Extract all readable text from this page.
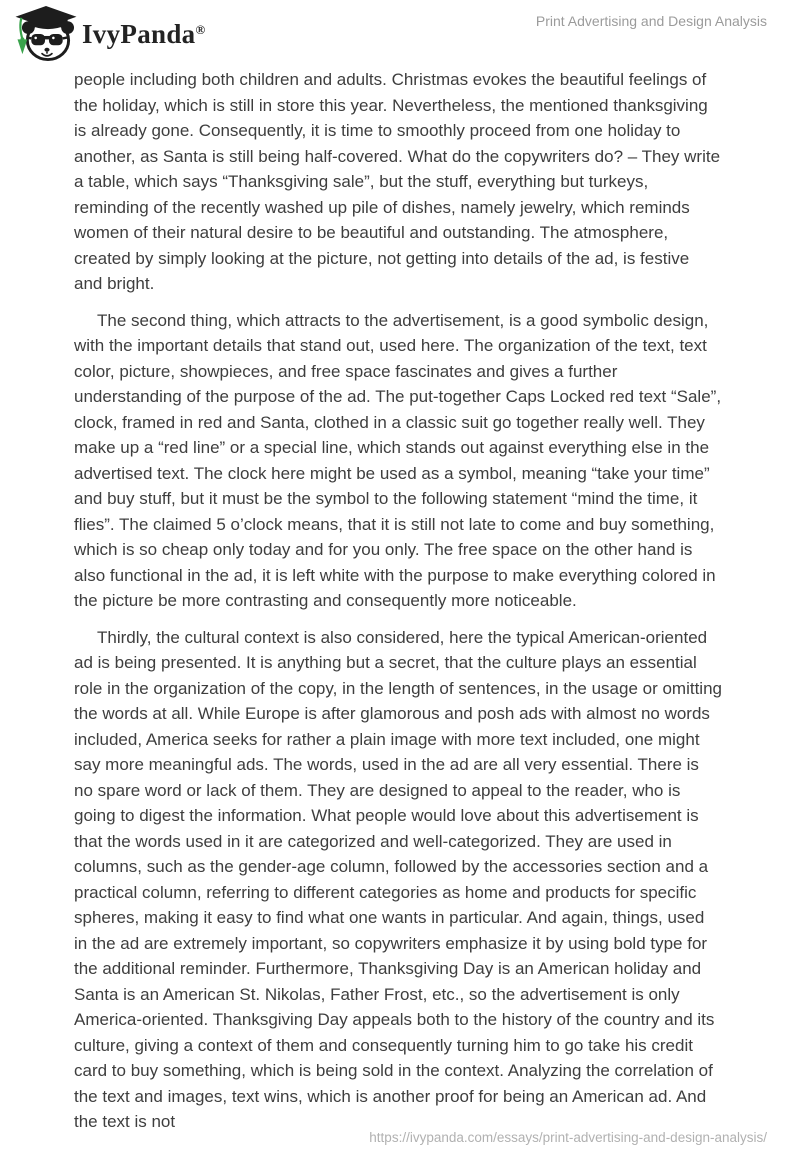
IvyPanda®
Print Advertising and Design Analysis

people including both children and adults. Christmas evokes the beautiful feelings of the holiday, which is still in store this year. Nevertheless, the mentioned thanksgiving is already gone. Consequently, it is time to smoothly proceed from one holiday to another, as Santa is still being half-covered. What do the copywriters do? – They write a table, which says “Thanksgiving sale”, but the stuff, everything but turkeys, reminding of the recently washed up pile of dishes, namely jewelry, which reminds women of their natural desire to be beautiful and outstanding. The atmosphere, created by simply looking at the picture, not getting into details of the ad, is festive and bright.

The second thing, which attracts to the advertisement, is a good symbolic design, with the important details that stand out, used here. The organization of the text, text color, picture, showpieces, and free space fascinates and gives a further understanding of the purpose of the ad. The put-together Caps Locked red text “Sale”, clock, framed in red and Santa, clothed in a classic suit go together really well. They make up a “red line” or a special line, which stands out against everything else in the advertised text. The clock here might be used as a symbol, meaning “take your time” and buy stuff, but it must be the symbol to the following statement “mind the time, it flies”. The claimed 5 o’clock means, that it is still not late to come and buy something, which is so cheap only today and for you only. The free space on the other hand is also functional in the ad, it is left white with the purpose to make everything colored in the picture be more contrasting and consequently more noticeable.

Thirdly, the cultural context is also considered, here the typical American-oriented ad is being presented. It is anything but a secret, that the culture plays an essential role in the organization of the copy, in the length of sentences, in the usage or omitting the words at all. While Europe is after glamorous and posh ads with almost no words included, America seeks for rather a plain image with more text included, one might say more meaningful ads. The words, used in the ad are all very essential. There is no spare word or lack of them. They are designed to appeal to the reader, who is going to digest the information. What people would love about this advertisement is that the words used in it are categorized and well-categorized. They are used in columns, such as the gender-age column, followed by the accessories section and a practical column, referring to different categories as home and products for specific spheres, making it easy to find what one wants in particular. And again, things, used in the ad are extremely important, so copywriters emphasize it by using bold type for the additional reminder. Furthermore, Thanksgiving Day is an American holiday and Santa is an American St. Nikolas, Father Frost, etc., so the advertisement is only America-oriented. Thanksgiving Day appeals both to the history of the country and its culture, giving a context of them and consequently turning him to go take his credit card to buy something, which is being sold in the context. Analyzing the correlation of the text and images, text wins, which is another proof for being an American ad. And the text is not

https://ivypanda.com/essays/print-advertising-and-design-analysis/
